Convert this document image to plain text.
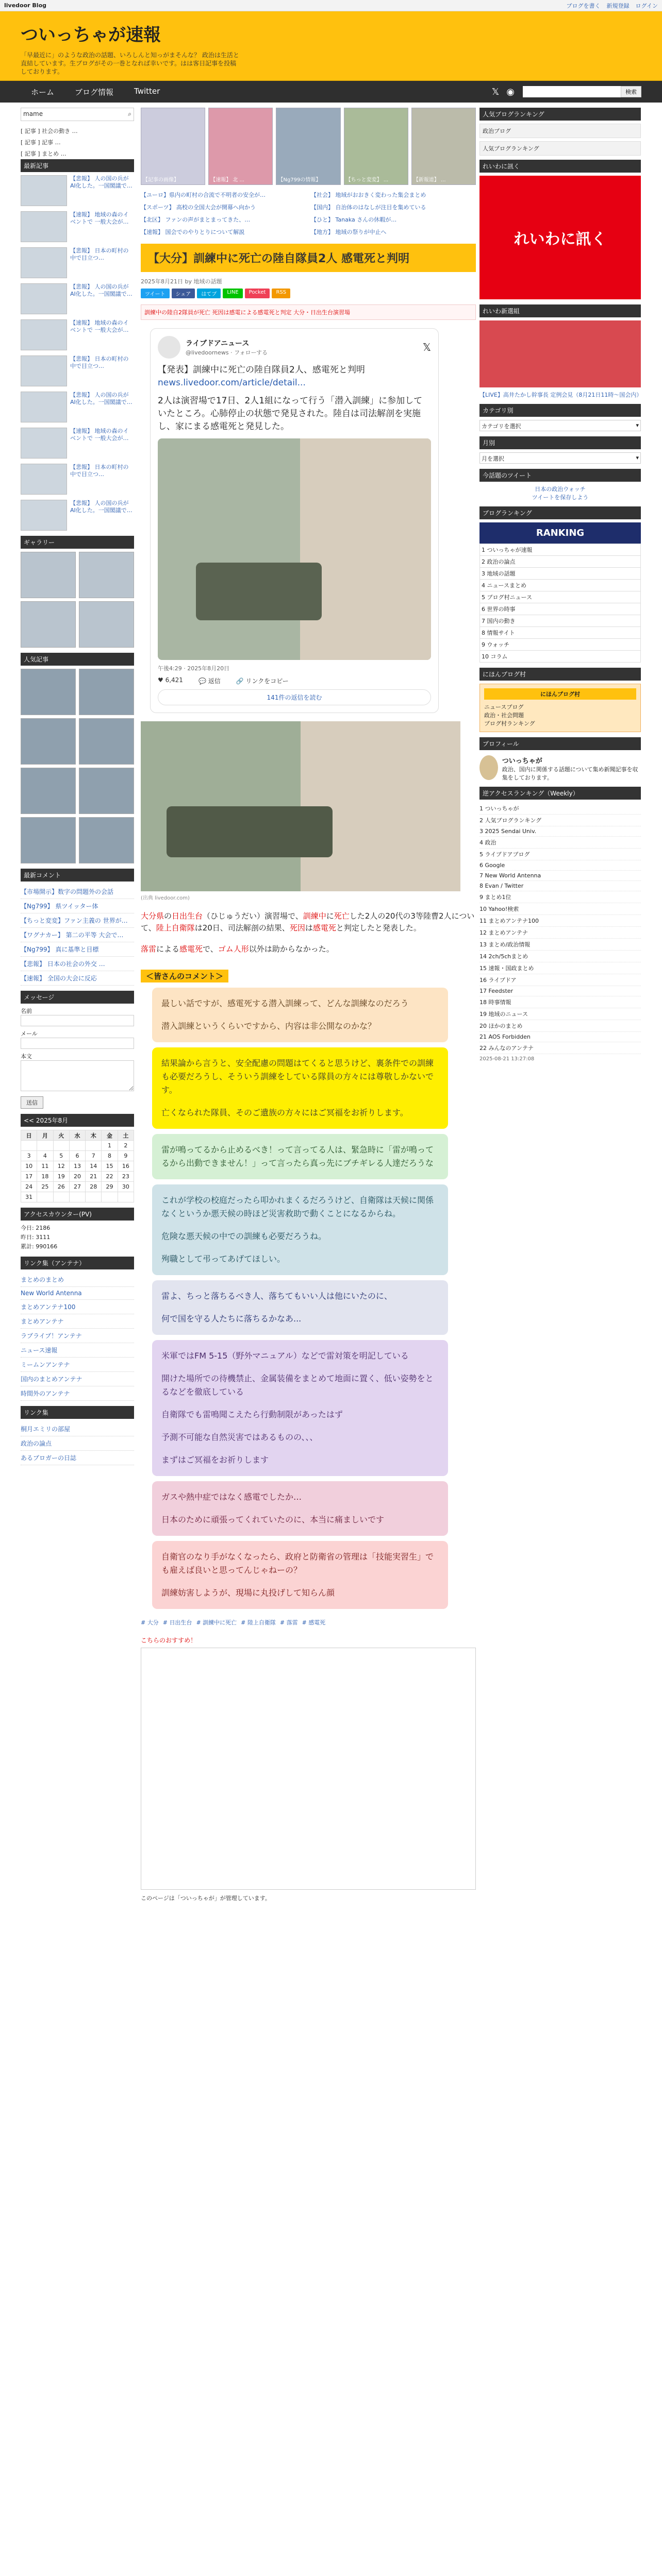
livedoor Blog	ブログを書く 新規登録 ログイン
ついっちゃが速報
「早最近に」のような政治の話題、いろしんと知っがまそんな？ 政治は生活と直結しています。生ブログがその一巻となれば幸いです。はは客日記事を投稿しております。
ホーム	ブログ情報	Twitter	𝕏 ◉	検索
mame	⌕
[ 記事 ] 社会の動き …
[ 記事 ] 記事 …
[ 記事 ] まとめ …
最新記事
【悲報】 人の国の兵がAI化した。一国閣議で…
【速報】 地域の森のイベントで 一般大会が…
【悲報】 日本の町村の中で目立つ…
【悲報】 人の国の兵がAI化した。一国閣議で…
【速報】 地域の森のイベントで 一般大会が…
【悲報】 日本の町村の中で目立つ…
【悲報】 人の国の兵がAI化した。一国閣議で…
【速報】 地域の森のイベントで 一般大会が…
【悲報】 日本の町村の中で目立つ…
【悲報】 人の国の兵がAI化した。一国閣議で…
ギャラリー
人気記事
最新コメント
【市場開示】数字の問題外の会話
【Ng799】 県ツイッター体
【ちっと変変】ファン主義の 世界が…
【ワグナカー】 第二の平等 大会で…
【Ng799】 真に基準と目標
【悲報】 日本の社会の外交 …
【速報】 全国の大会に反応
メッセージ
名前
メール
本文
送信
<< 2025年8月
日	月	火	水	木	金	土
					1	2
3	4	5	6	7	8	9
10	11	12	13	14	15	16
17	18	19	20	21	22	23
24	25	26	27	28	29	30
31						
アクセスカウンター(PV)
今日: 2186
昨日: 3111
累計: 990166
リンク集（アンテナ）
まとめのまとめ
New World Antenna
まとめアンテナ100
まとめアンテナ
ラブライブ！アンテナ
ニュース速報
ミームンアンテナ
国内のまとめアンテナ
時間外のアンテナ
リンク集
桐月エミリの部屋
政治の論点
あるブロガーの日誌
【記事の画像】	【速報】 北 ...	【Ng799の情報】	【ちっと変変】 ...	【新報道】 ...
【ユーロ】県内の町村の合流で不明者の安全が…	【社会】 地域がおおきく変わった集会まとめ
【スポーツ】 高校の全国大会が開幕へ向かう	【国内】 自治体のはなしが注目を集めている
【北区】 ファンの声がまとまってきた、…	【ひと】 Tanaka さんの休暇が…
【速報】 国会でのやりとりについて解説	【地方】 地域の祭りが中止へ
【大分】訓練中に死亡の陸自隊員2人 感電死と判明
2025年8月21日 by 地域の話題
ツイート	シェア	はてブ	LINE	Pocket	RSS
訓練中の陸自2隊員が死亡 死因は感電による感電死と判定 大分・日出生台演習場
ライブドアニュース
@livedoornews · フォローする	𝕏
【発表】訓練中に死亡の陸自隊員2人、感電死と判明
news.livedoor.com/article/detail...
2人は演習場で17日、2人1組になって行う「潜入訓練」に参加していたところ。心肺停止の状態で発見された。陸自は司法解剖を実施し、家にまる感電死と発見した。
午後4:29 · 2025年8月20日
♥ 6,421	💬 返信	🔗 リンクをコピー
141件の返信を読む
(出典 livedoor.com)
大分県の日出生台（ひじゅうだい）演習場で、訓練中に死亡した2人の20代の3等陸曹2人について、陸上自衛隊は20日、司法解剖の結果、死因は感電死と判定したと発表した。
落雷による感電死で、ゴム人形以外は助からなかった。
＜皆さんのコメント＞

最しい話ですが、感電死する潜入訓練って、どんな訓練なのだろう

潜入訓練というくらいですから、内容は非公開なのかな？

結果論から言うと、安全配慮の問題はてくると思うけど、裏条件での訓練も必要だろうし、そういう訓練をしている隊員の方々には尊敬しかないです。

亡くなられた隊員、そのご遺族の方々にはご冥福をお祈りします。

雷が鳴ってるから止めるべき！って言ってる人は、緊急時に「雷が鳴ってるから出動できません！」って言ったら真っ先にブチギレる人達だろうな

これが学校の校庭だったら叩かれまくるだろうけど、自衛隊は天候に関係なくというか悪天候の時ほど災害救助で動くことになるからね。

危険な悪天候の中での訓練も必要だろうね。

殉職として弔ってあげてほしい。

雷よ、ちっと落ちるべき人、落ちてもいい人は他にいたのに、

何で国を守る人たちに落ちるかなあ...

米軍ではFM 5-15（野外マニュアル）などで雷対策を明記している

開けた場所での待機禁止、金属装備をまとめて地面に置く、低い姿勢をとるなどを徹底している

自衛隊でも雷鳴聞こえたら行動制限があったはず

予測不可能な自然災害ではあるものの、、、

まずはご冥福をお祈りします

ガスや熱中症ではなく感電でしたか…

日本のために頑張ってくれていたのに、本当に痛ましいです

自衛官のなり手がなくなったら、政府と防衛省の管理は「技能実習生」でも雇えば良いと思ってんじゃねーの？

訓練妨害しようが、現場に丸投げして知らん顔

# 大分 # 日出生台 # 訓練中に死亡 # 陸上自衛隊 # 落雷 # 感電死
こちらのおすすめ！
このページは「ついっちゃが」が管理しています。
人気ブログランキング
政治ブログ
人気ブログランキング
れいわに訊く
れいわに訊く
れいわ新選組
【LIVE】高井たかし幹事長 定例会見（8月21日11時〜国会内）
カテゴリ別
カテゴリを選択	▾
月別
月を選択	▾
今話題のツイート
日本の政治ウォッチ
ツイートを保存しよう
ブログランキング
RANKING
1 ついっちゃが速報
2 政治の論点
3 地域の話題
4 ニュースまとめ
5 ブログ村ニュース
6 世界の時事
7 国内の動き
8 情報サイト
9 ウォッチ
10 コラム
にほんブログ村
にほんブログ村
ニュースブログ
政治・社会問題
ブログ村ランキング
プロフィール
ついっちゃが
政治、国内に関係する話題について集め新聞記事を収集をしております。
逆アクセスランキング（Weekly）
1 ついっちゃが
2 人気ブログランキング
3 2025 Sendai Univ.
4 政治
5 ライブドアブログ
6 Google
7 New World Antenna
8 Evan / Twitter
9 まとめ1位
10 Yahoo!検索
11 まとめアンテナ100
12 まとめアンテナ
13 まとめ/政治情報
14 2ch/5chまとめ
15 速報・国政まとめ
16 ライブドア
17 Feedster
18 時事情報
19 地域のニュース
20 ほかのまとめ
21 AOS Forbidden
22 みんなのアンテナ
2025-08-21 13:27:08
